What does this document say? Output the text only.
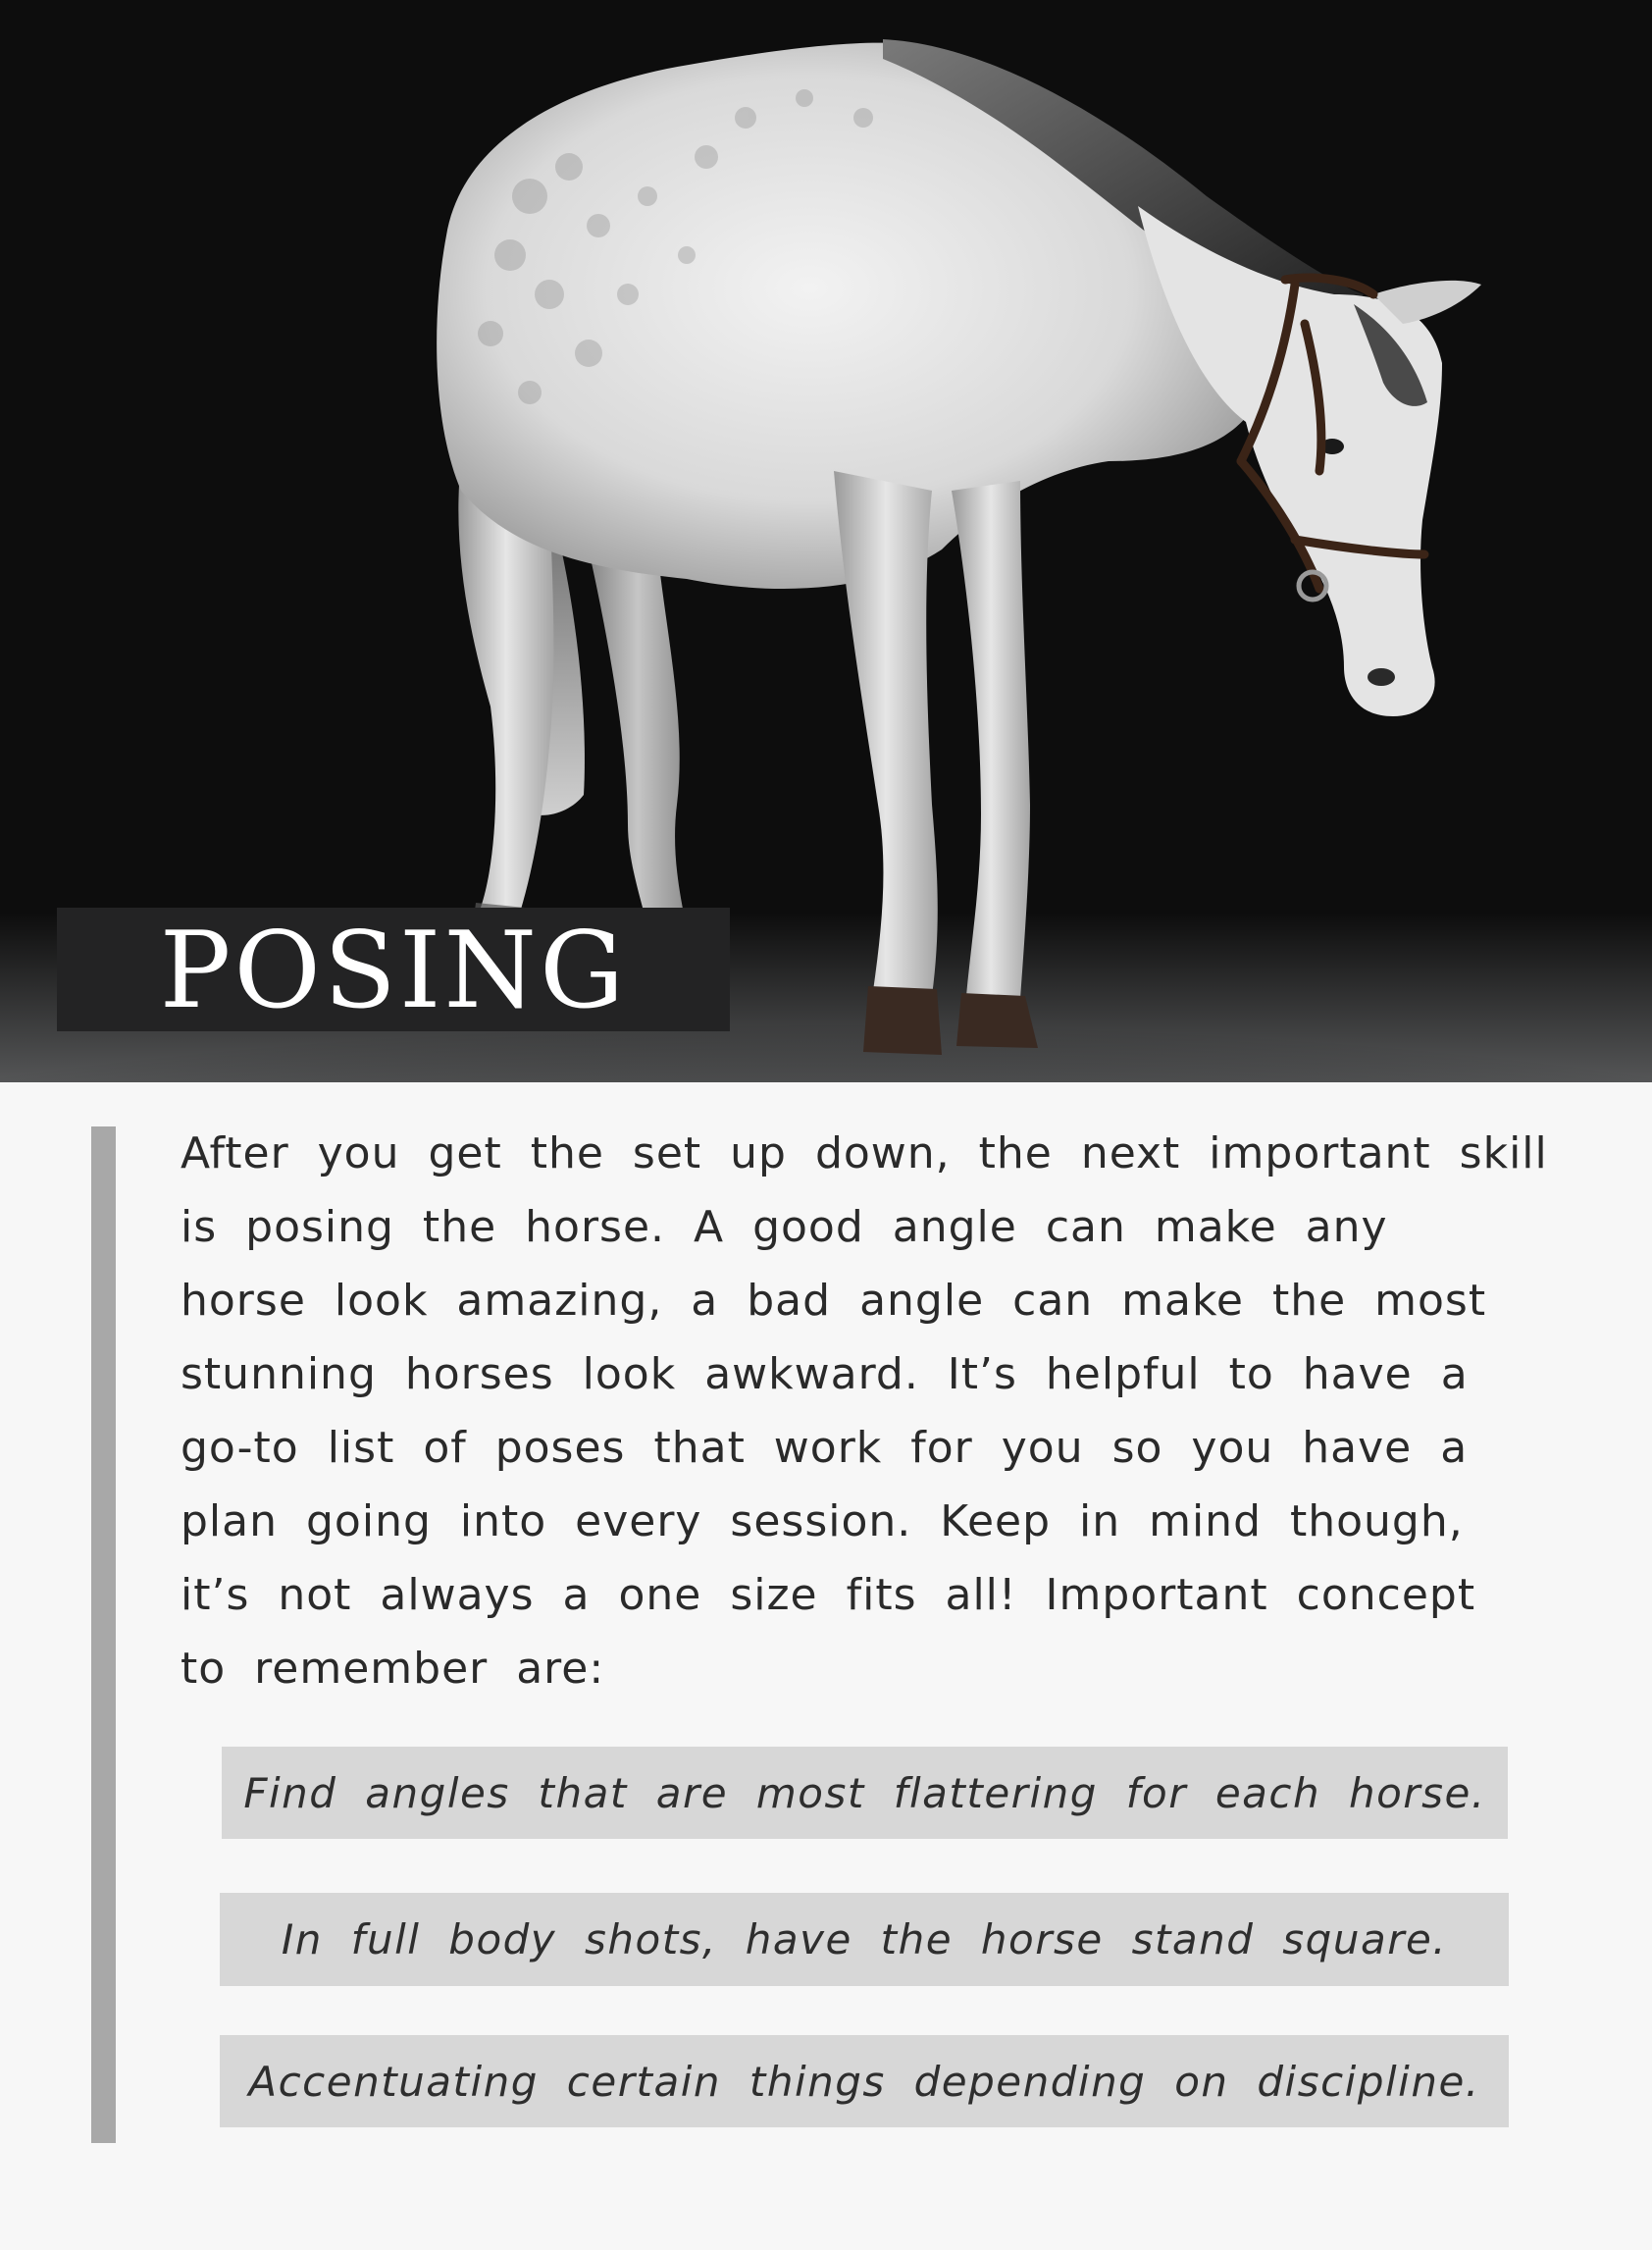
POSING
After you get the set up down, the next important skill
is posing the horse. A good angle can make any
horse look amazing, a bad angle can make the most
stunning horses look awkward. It’s helpful to have a
go-to list of poses that work for you so you have a
plan going into every session. Keep in mind though,
it’s not always a one size fits all! Important concept
to remember are:
Find angles that are most flattering for each horse.
In full body shots, have the horse stand square.
Accentuating certain things depending on discipline.
